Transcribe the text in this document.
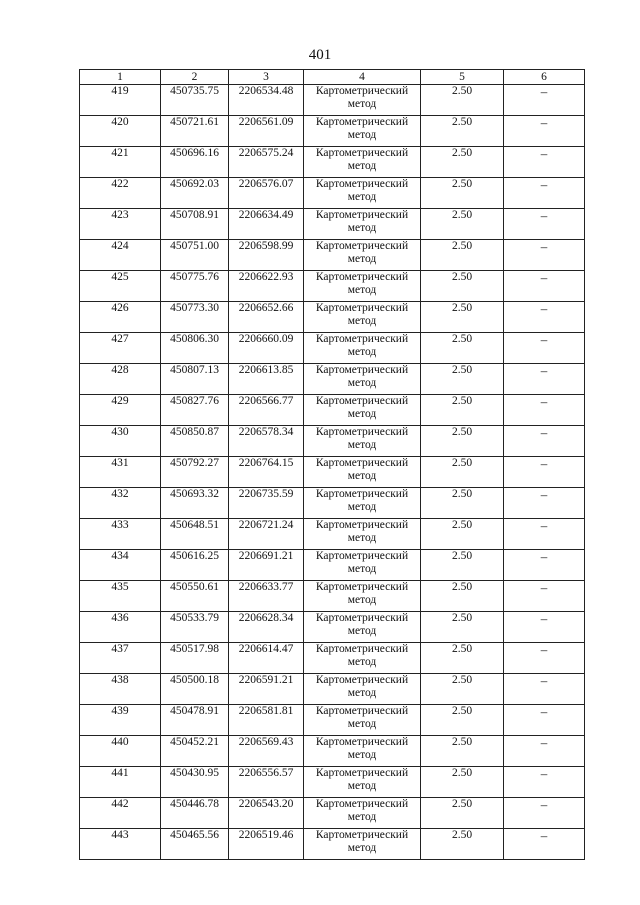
401
1	2	3	4	5	6
419	450735.75	2206534.48	Картометрический метод	2.50	–
420	450721.61	2206561.09	Картометрический метод	2.50	–
421	450696.16	2206575.24	Картометрический метод	2.50	–
422	450692.03	2206576.07	Картометрический метод	2.50	–
423	450708.91	2206634.49	Картометрический метод	2.50	–
424	450751.00	2206598.99	Картометрический метод	2.50	–
425	450775.76	2206622.93	Картометрический метод	2.50	–
426	450773.30	2206652.66	Картометрический метод	2.50	–
427	450806.30	2206660.09	Картометрический метод	2.50	–
428	450807.13	2206613.85	Картометрический метод	2.50	–
429	450827.76	2206566.77	Картометрический метод	2.50	–
430	450850.87	2206578.34	Картометрический метод	2.50	–
431	450792.27	2206764.15	Картометрический метод	2.50	–
432	450693.32	2206735.59	Картометрический метод	2.50	–
433	450648.51	2206721.24	Картометрический метод	2.50	–
434	450616.25	2206691.21	Картометрический метод	2.50	–
435	450550.61	2206633.77	Картометрический метод	2.50	–
436	450533.79	2206628.34	Картометрический метод	2.50	–
437	450517.98	2206614.47	Картометрический метод	2.50	–
438	450500.18	2206591.21	Картометрический метод	2.50	–
439	450478.91	2206581.81	Картометрический метод	2.50	–
440	450452.21	2206569.43	Картометрический метод	2.50	–
441	450430.95	2206556.57	Картометрический метод	2.50	–
442	450446.78	2206543.20	Картометрический метод	2.50	–
443	450465.56	2206519.46	Картометрический метод	2.50	–
